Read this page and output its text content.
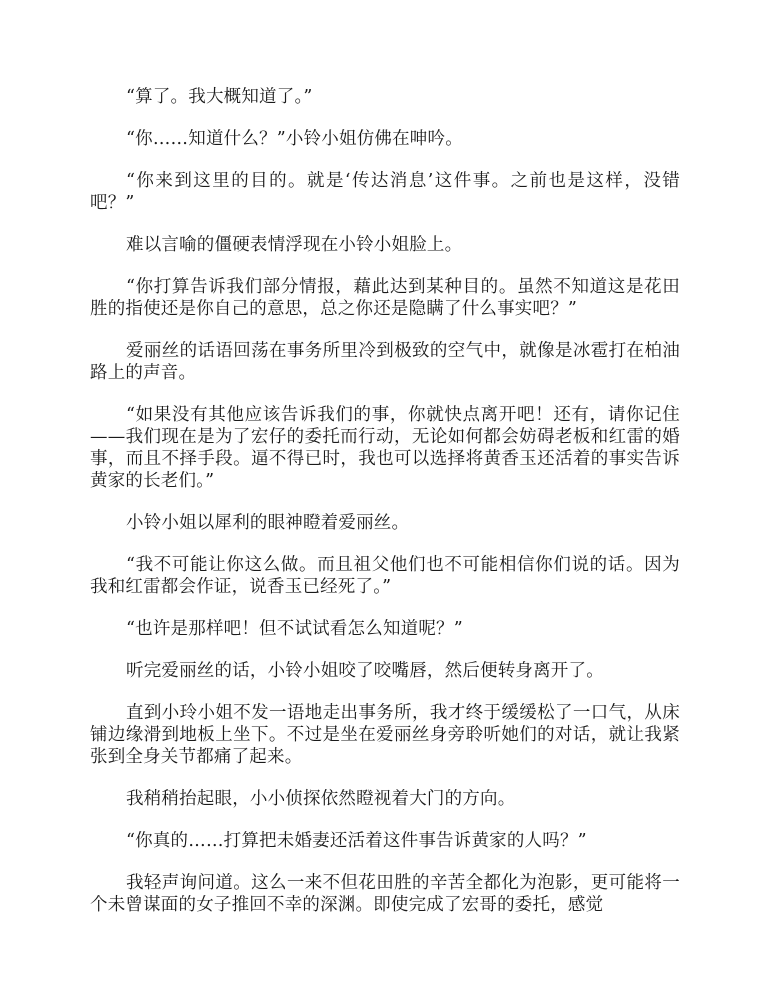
“算了。我大概知道了。”

“你……知道什么？”小铃小姐仿佛在呻吟。

“你来到这里的目的。就是‘传达消息’这件事。之前也是这样，没错吧？”

难以言喻的僵硬表情浮现在小铃小姐脸上。

“你打算告诉我们部分情报，藉此达到某种目的。虽然不知道这是花田胜的指使还是你自己的意思，总之你还是隐瞒了什么事实吧？”

爱丽丝的话语回荡在事务所里冷到极致的空气中，就像是冰雹打在柏油路上的声音。

“如果没有其他应该告诉我们的事，你就快点离开吧！还有，请你记住——我们现在是为了宏仔的委托而行动，无论如何都会妨碍老板和红雷的婚事，而且不择手段。逼不得已时，我也可以选择将黄香玉还活着的事实告诉黄家的长老们。”

小铃小姐以犀利的眼神瞪着爱丽丝。

“我不可能让你这么做。而且祖父他们也不可能相信你们说的话。因为我和红雷都会作证，说香玉已经死了。”

“也许是那样吧！但不试试看怎么知道呢？”

听完爱丽丝的话，小铃小姐咬了咬嘴唇，然后便转身离开了。

直到小玲小姐不发一语地走出事务所，我才终于缓缓松了一口气，从床铺边缘滑到地板上坐下。不过是坐在爱丽丝身旁聆听她们的对话，就让我紧张到全身关节都痛了起来。

我稍稍抬起眼，小小侦探依然瞪视着大门的方向。

“你真的……打算把未婚妻还活着这件事告诉黄家的人吗？”

我轻声询问道。这么一来不但花田胜的辛苦全都化为泡影，更可能将一个未曾谋面的女子推回不幸的深渊。即使完成了宏哥的委托，感觉
